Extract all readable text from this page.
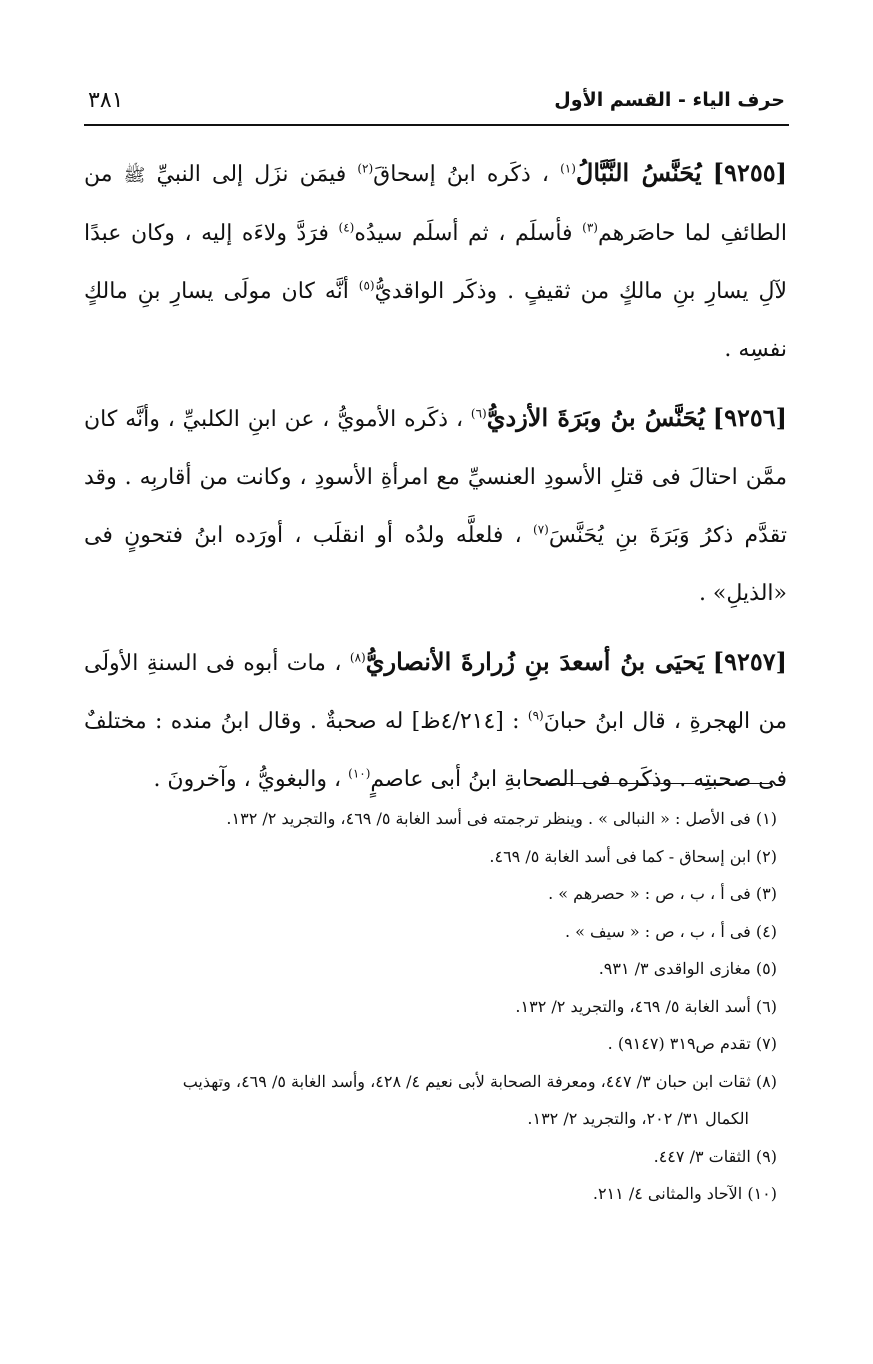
حرف الياء - القسم الأول
٣٨١

[٩٢٥٥] يُحَنَّسُ النَّبَّالُ$^{(١)}$ ، ذكَره ابنُ إسحاقَ$^{(٢)}$ فيمَن نزَل إلى النبيِّ ﷺ من الطائفِ لما حاصَرهم$^{(٣)}$ فأسلَم ، ثم أسلَم سيدُه$^{(٤)}$ فرَدَّ ولاءَه إليه ، وكان عبدًا لآلِ يسارِ بنِ مالكٍ من ثقيفٍ . وذكَر الواقديُّ$^{(٥)}$ أنَّه كان مولَى يسارِ بنِ مالكٍ نفسِه .

[٩٢٥٦] يُحَنَّسُ بنُ وبَرَةَ الأزديُّ$^{(٦)}$ ، ذكَره الأمويُّ ، عن ابنِ الكلبيِّ ، وأنَّه كان ممَّن احتالَ فى قتلِ الأسودِ العنسيِّ مع امرأةِ الأسودِ ، وكانت من أقاربِه . وقد تقدَّم ذكرُ وَبَرَةَ بنِ يُحَنَّسَ$^{(٧)}$ ، فلعلَّه ولدُه أو انقلَب ، أورَده ابنُ فتحونٍ فى «الذيلِ» .

[٩٢٥٧] يَحيَى بنُ أسعدَ بنِ زُرارةَ الأنصاريُّ$^{(٨)}$ ، مات أبوه فى السنةِ الأولَى من الهجرةِ ، قال ابنُ حبانَ$^{(٩)}$ : [٤/٢١٤ظ] له صحبةٌ . وقال ابنُ منده : مختلفٌ فى صحبتِه . وذكَره فى الصحابةِ ابنُ أبى عاصمٍ$^{(١٠)}$ ، والبغويُّ ، وآخرونَ .

(١) فى الأصل : « النبالى » . وينظر ترجمته فى أسد الغابة ٥/ ٤٦٩، والتجريد ٢/ ١٣٢.
(٢) ابن إسحاق - كما فى أسد الغابة ٥/ ٤٦٩.
(٣) فى أ ، ب ، ص : « حصرهم » .
(٤) فى أ ، ب ، ص : « سيف » .
(٥) مغازى الواقدى ٣/ ٩٣١.
(٦) أسد الغابة ٥/ ٤٦٩، والتجريد ٢/ ١٣٢.
(٧) تقدم ص٣١٩ (٩١٤٧) .
(٨) ثقات ابن حبان ٣/ ٤٤٧، ومعرفة الصحابة لأبى نعيم ٤/ ٤٢٨، وأسد الغابة ٥/ ٤٦٩، وتهذيب
الكمال ٣١/ ٢٠٢، والتجريد ٢/ ١٣٢.
(٩) الثقات ٣/ ٤٤٧.
(١٠) الآحاد والمثانى ٤/ ٢١١.
